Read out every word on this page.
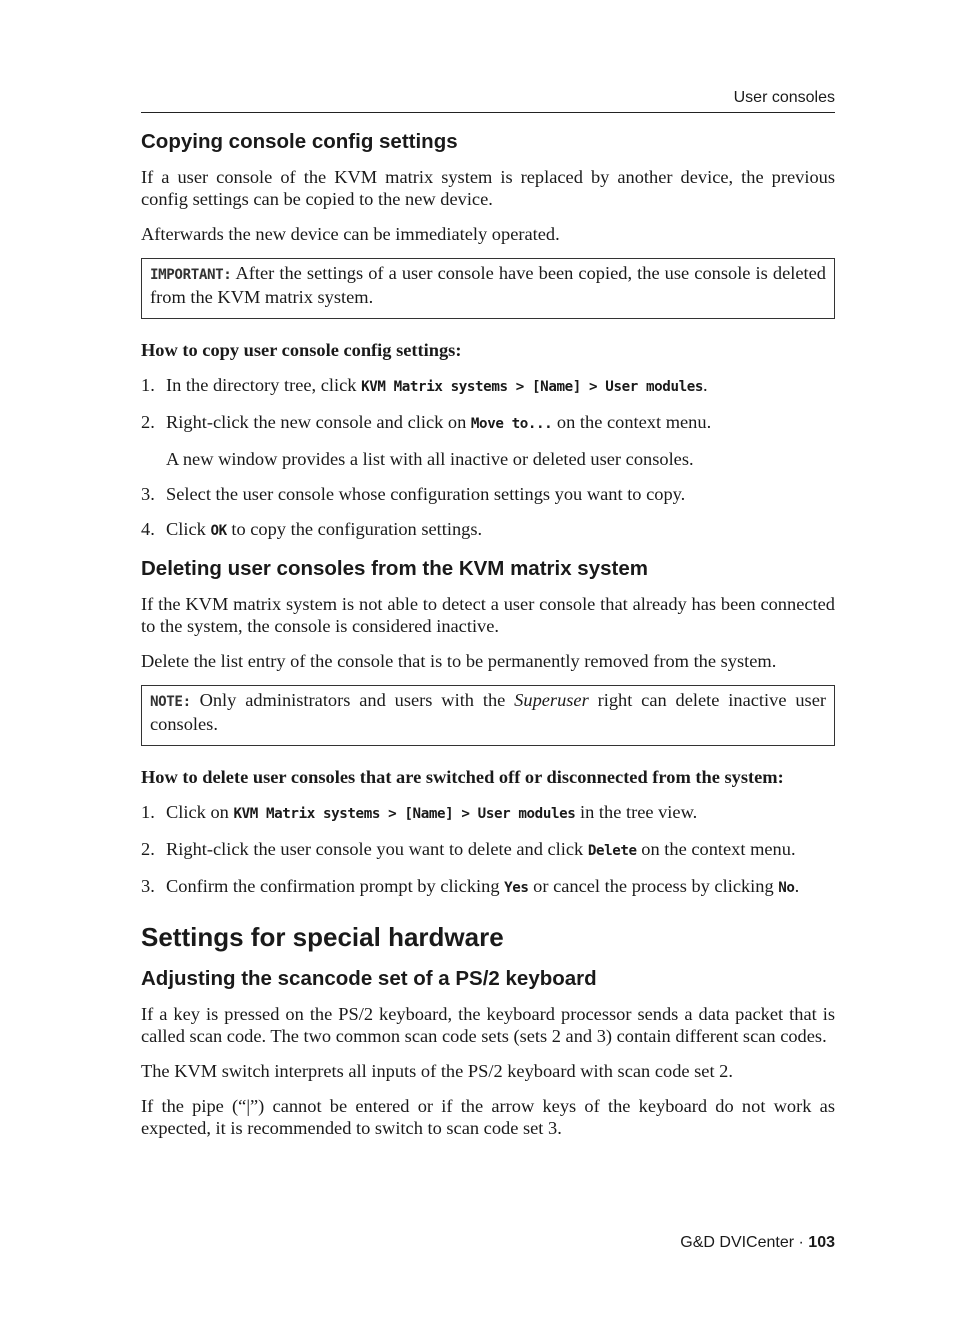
User consoles
Copying console config settings

If a user console of the KVM matrix system is replaced by another device, the previous config settings can be copied to the new device.

Afterwards the new device can be immediately operated.

IMPORTANT: After the settings of a user console have been copied, the use console is deleted from the KVM matrix system.

How to copy user console config settings:

1. In the directory tree, click KVM Matrix systems > [Name] > User modules.

2. Right-click the new console and click on Move to... on the context menu.

A new window provides a list with all inactive or deleted user consoles.

3. Select the user console whose configuration settings you want to copy.

4. Click OK to copy the configuration settings.

Deleting user consoles from the KVM matrix system

If the KVM matrix system is not able to detect a user console that already has been connected to the system, the console is considered inactive.

Delete the list entry of the console that is to be permanently removed from the system.

NOTE: Only administrators and users with the Superuser right can delete inactive user consoles.

How to delete user consoles that are switched off or disconnected from the system:

1. Click on KVM Matrix systems > [Name] > User modules in the tree view.

2. Right-click the user console you want to delete and click Delete on the context menu.

3. Confirm the confirmation prompt by clicking Yes or cancel the process by clicking No.

Settings for special hardware
Adjusting the scancode set of a PS/2 keyboard

If a key is pressed on the PS/2 keyboard, the keyboard processor sends a data packet that is called scan code. The two common scan code sets (sets 2 and 3) contain different scan codes.

The KVM switch interprets all inputs of the PS/2 keyboard with scan code set 2.

If the pipe (“|”) cannot be entered or if the arrow keys of the keyboard do not work as expected, it is recommended to switch to scan code set 3.

G&D DVICenter · 103
